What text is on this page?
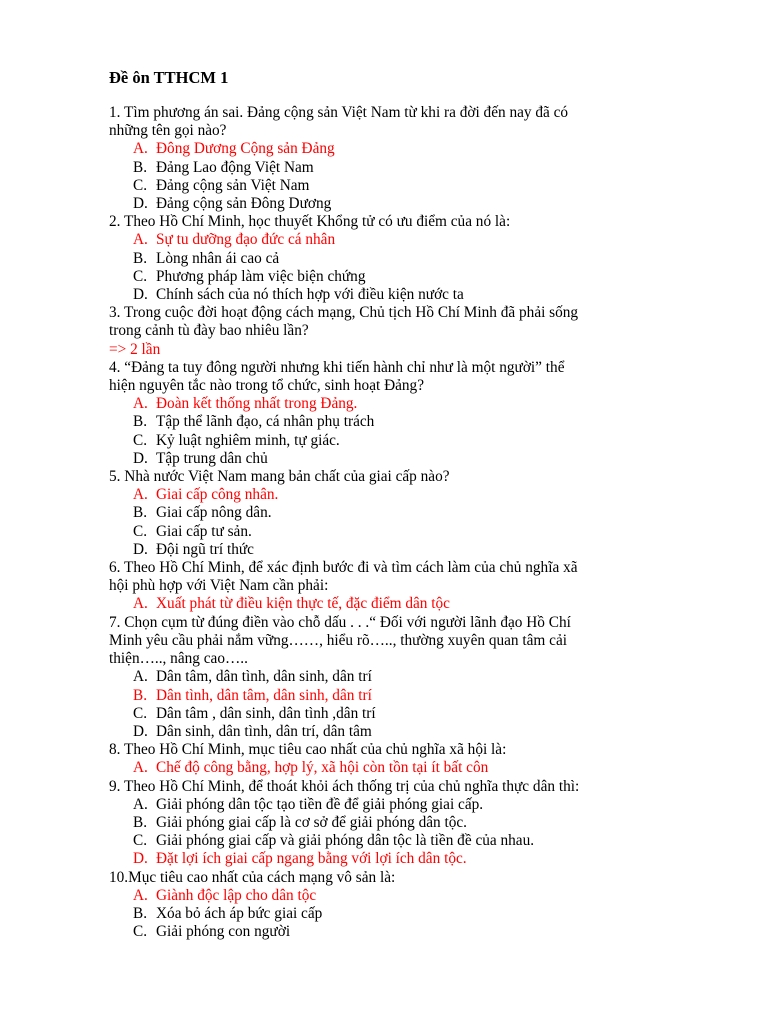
Đề ôn TTHCM 1
1. Tìm phương án sai. Đảng cộng sản Việt Nam từ khi ra đời đến nay đã có
những tên gọi nào?
A. Đông Dương Cộng sản Đảng
B. Đảng Lao động Việt Nam
C. Đảng cộng sản Việt Nam
D. Đảng cộng sản Đông Dương
2. Theo Hồ Chí Minh, học thuyết Khổng tử có ưu điểm của nó là:
A. Sự tu dưỡng đạo đức cá nhân
B. Lòng nhân ái cao cả
C. Phương pháp làm việc biện chứng
D. Chính sách của nó thích hợp với điều kiện nước ta
3. Trong cuộc đời hoạt động cách mạng, Chủ tịch Hồ Chí Minh đã phải sống
trong cảnh tù đày bao nhiêu lần?
=> 2 lần
4. “Đảng ta tuy đông người nhưng khi tiến hành chỉ như là một người” thể
hiện nguyên tắc nào trong tổ chức, sinh hoạt Đảng?
A. Đoàn kết thống nhất trong Đảng.
B. Tập thể lãnh đạo, cá nhân phụ trách
C. Kỷ luật nghiêm minh, tự giác.
D. Tập trung dân chủ
5. Nhà nước Việt Nam mang bản chất của giai cấp nào?
A. Giai cấp công nhân.
B. Giai cấp nông dân.
C. Giai cấp tư sản.
D. Đội ngũ trí thức
6. Theo Hồ Chí Minh, để xác định bước đi và tìm cách làm của chủ nghĩa xã
hội phù hợp với Việt Nam cần phải:
A. Xuất phát từ điều kiện thực tế, đặc điểm dân tộc
7. Chọn cụm từ đúng điền vào chỗ dấu . . .“ Đối với người lãnh đạo Hồ Chí
Minh yêu cầu phải nắm vững……, hiểu rõ….., thường xuyên quan tâm cải
thiện….., nâng cao…..
A. Dân tâm, dân tình, dân sinh, dân trí
B. Dân tình, dân tâm, dân sinh, dân trí
C. Dân tâm , dân sinh, dân tình ,dân trí
D. Dân sinh, dân tình, dân trí, dân tâm
8. Theo Hồ Chí Minh, mục tiêu cao nhất của chủ nghĩa xã hội là:
A. Chế độ công bằng, hợp lý, xã hội còn tồn tại ít bất côn
9. Theo Hồ Chí Minh, để thoát khỏi ách thống trị của chủ nghĩa thực dân thì:
A. Giải phóng dân tộc tạo tiền đề để giải phóng giai cấp.
B. Giải phóng giai cấp là cơ sở để giải phóng dân tộc.
C. Giải phóng giai cấp và giải phóng dân tộc là tiền đề của nhau.
D. Đặt lợi ích giai cấp ngang bằng với lợi ích dân tộc.
10.Mục tiêu cao nhất của cách mạng vô sản là:
A. Giành độc lập cho dân tộc
B. Xóa bỏ ách áp bức giai cấp
C. Giải phóng con người
